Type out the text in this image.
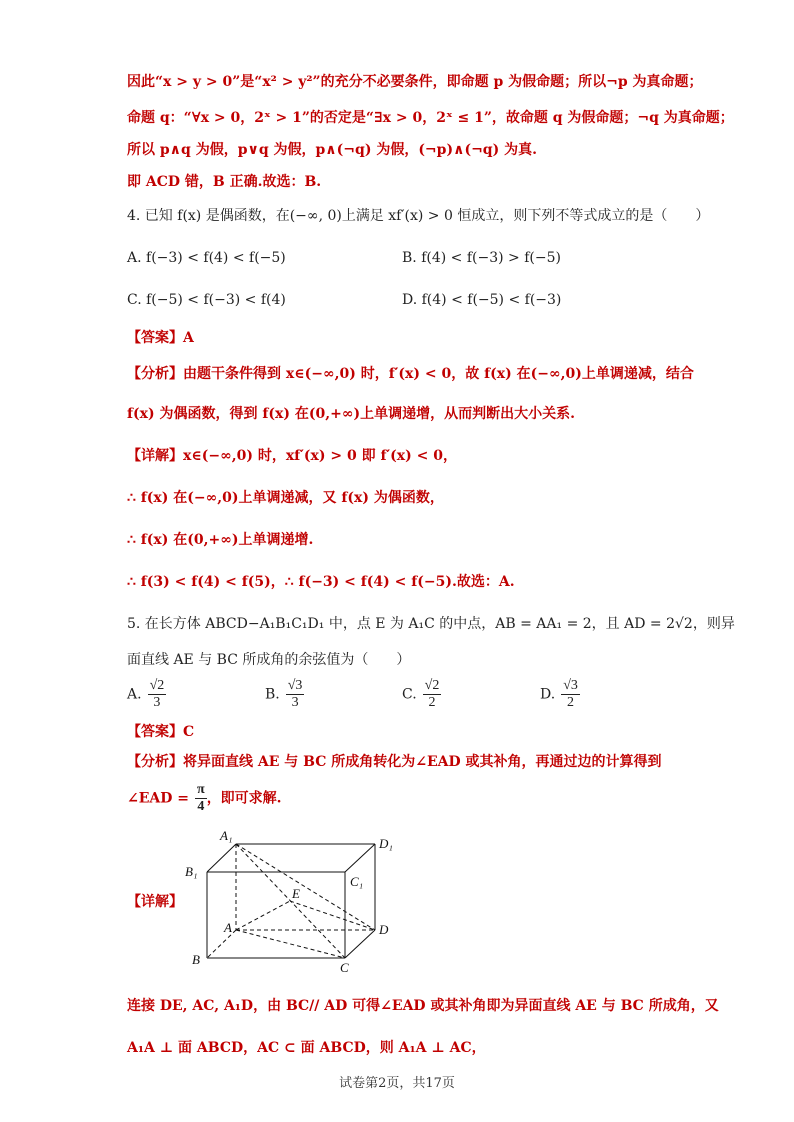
因此“x > y > 0”是“x² > y²”的充分不必要条件，即命题 p 为假命题；所以¬p 为真命题；
命题 q：“∀x > 0，2ˣ > 1”的否定是“∃x > 0，2ˣ ≤ 1”，故命题 q 为假命题；¬q 为真命题；
所以 p∧q 为假，p∨q 为假，p∧(¬q) 为假，(¬p)∧(¬q) 为真.
即 ACD 错，B 正确.故选：B.
4. 已知 f(x) 是偶函数，在(−∞, 0)上满足 xf′(x) > 0 恒成立，则下列不等式成立的是（　　）
A. f(−3) < f(4) < f(−5)	B. f(4) < f(−3) > f(−5)
C. f(−5) < f(−3) < f(4)	D. f(4) < f(−5) < f(−3)
【答案】A
【分析】由题干条件得到 x∈(−∞,0) 时，f′(x) < 0，故 f(x) 在(−∞,0)上单调递减，结合
f(x) 为偶函数，得到 f(x) 在(0,+∞)上单调递增，从而判断出大小关系.
【详解】x∈(−∞,0) 时，xf′(x) > 0 即 f′(x) < 0，
∴ f(x) 在(−∞,0)上单调递减，又 f(x) 为偶函数，
∴ f(x) 在(0,+∞)上单调递增.
∴ f(3) < f(4) < f(5)，∴ f(−3) < f(4) < f(−5).故选：A.
5. 在长方体 ABCD−A₁B₁C₁D₁ 中，点 E 为 A₁C 的中点，AB = AA₁ = 2，且 AD = 2√2，则异
面直线 AE 与 BC 所成角的余弦值为（　　）
A. $\frac{√2}{3}$	B. $\frac{√3}{3}$	C. $\frac{√2}{2}$	D. $\frac{√3}{2}$
【答案】C
【分析】将异面直线 AE 与 BC 所成角转化为∠EAD 或其补角，再通过边的计算得到
∠EAD = $\frac{\pi}{4}$ ，即可求解.
【详解】
A₁
D₁
B₁
C₁
E
A	D
B
C
连接 DE, AC, A₁D，由 BC// AD 可得∠EAD 或其补角即为异面直线 AE 与 BC 所成角，又
A₁A ⊥ 面 ABCD，AC ⊂ 面 ABCD，则 A₁A ⊥ AC，
试卷第2页，共17页
